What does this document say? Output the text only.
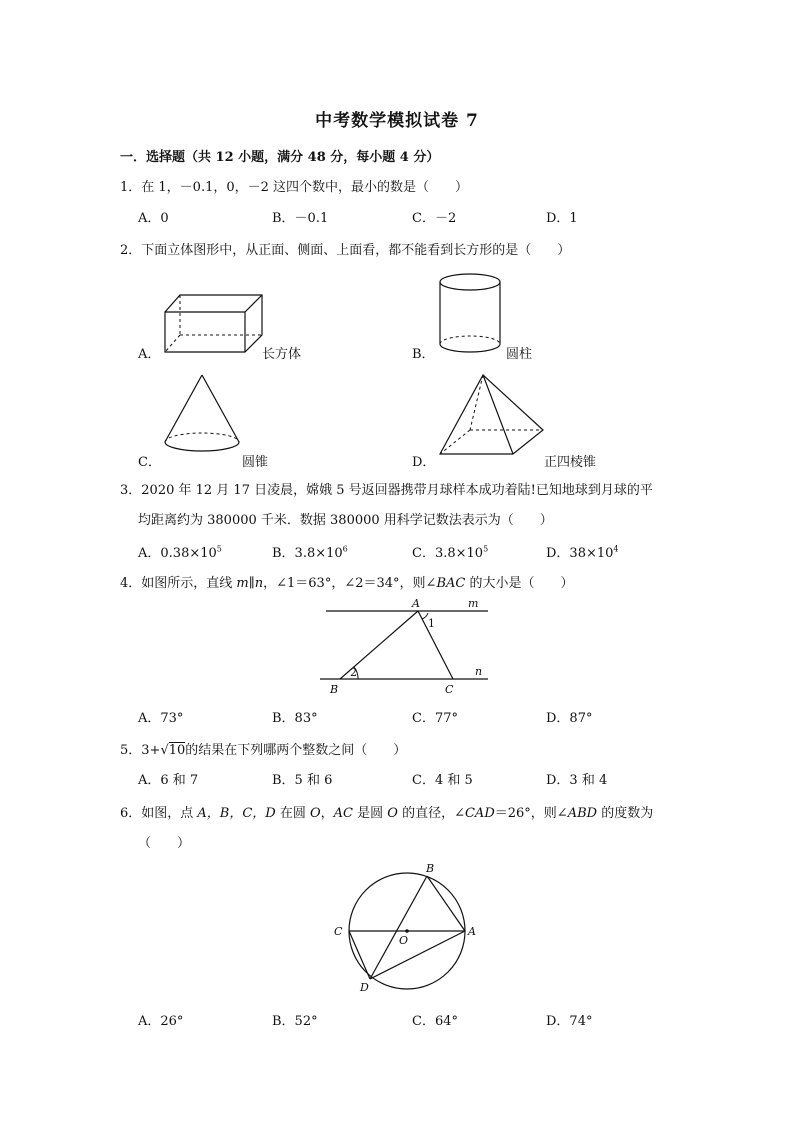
中考数学模拟试卷 7
一．选择题（共 12 小题，满分 48 分，每小题 4 分）
1．在 1，－0.1，0，－2 这四个数中，最小的数是（　　）
A．0	B．－0.1	C．－2	D．1
2．下面立体图形中，从正面、侧面、上面看，都不能看到长方形的是（　　）
A．	长方体	B．	圆柱
C．	圆锥	D．	正四棱锥
3．2020 年 12 月 17 日凌晨，嫦娥 5 号返回器携带月球样本成功着陆!已知地球到月球的平
均距离约为 380000 千米．数据 380000 用科学记数法表示为（　　）
A．$0.38\times 10^5$	B．$3.8\times 10^6$	C．$3.8\times 10^5$	D．$38\times 10^4$
4．如图所示，直线 m∥n，∠1＝63°，∠2＝34°，则∠BAC 的大小是（　　）
A	m
1
2	n
B	C
A．73°	B．83°	C．77°	D．87°
5．3+√10的结果在下列哪两个整数之间（　　）
A．6 和 7	B．5 和 6	C．4 和 5	D．3 和 4
6．如图，点 A，B，C，D 在圆 O，AC 是圆 O 的直径，∠CAD＝26°，则∠ABD 的度数为
（　　）
B
C
O
A
D
A．26°	B．52°	C．64°	D．74°
